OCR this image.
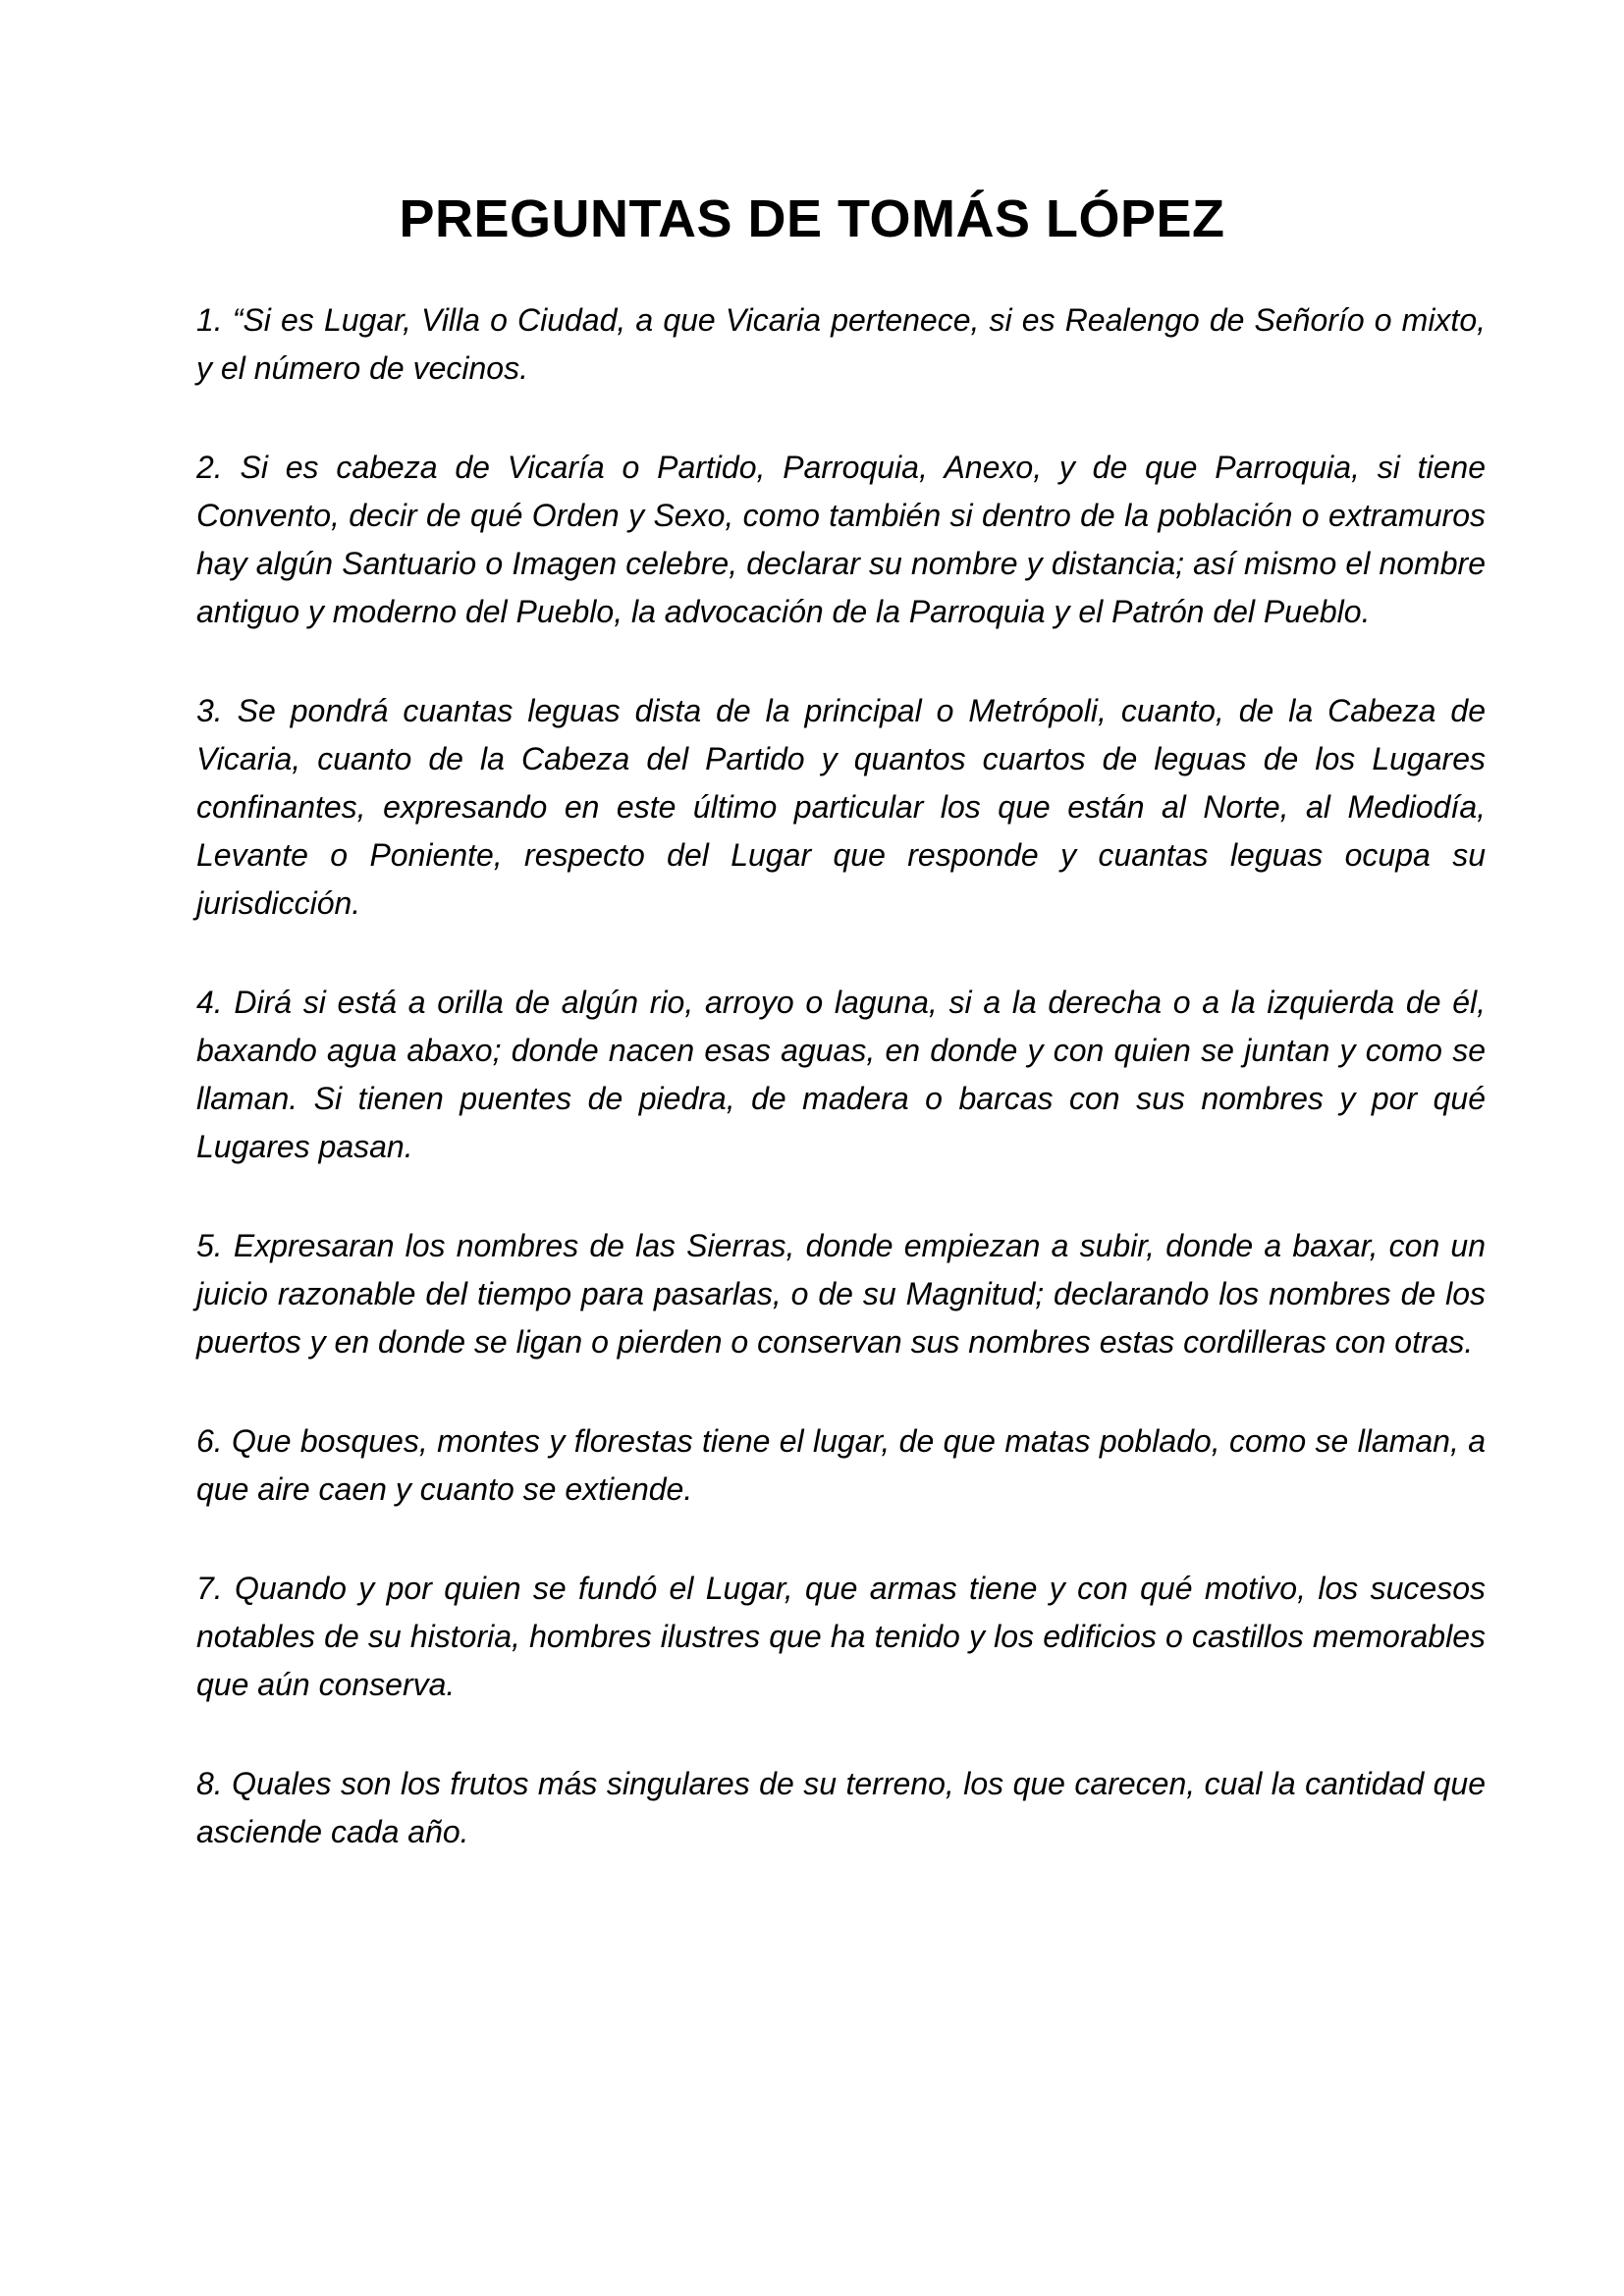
PREGUNTAS DE TOMÁS LÓPEZ

1. “Si es Lugar, Villa o Ciudad, a que Vicaria pertenece, si es Realengo de Señorío o mixto, y el número de vecinos.

2. Si es cabeza de Vicaría o Partido, Parroquia, Anexo, y de que Parroquia, si tiene Convento, decir de qué Orden y Sexo, como también si dentro de la población o extramuros hay algún Santuario o Imagen celebre, declarar su nombre y distancia; así mismo el nombre antiguo y moderno del Pueblo, la advocación de la Parroquia y el Patrón del Pueblo.

3. Se pondrá cuantas leguas dista de la principal o Metrópoli, cuanto, de la Cabeza de Vicaria, cuanto de la Cabeza del Partido y quantos cuartos de leguas de los Lugares confinantes, expresando en este último particular los que están al Norte, al Mediodía, Levante o Poniente, respecto del Lugar que responde y cuantas leguas ocupa su jurisdicción.

4. Dirá si está a orilla de algún rio, arroyo o laguna, si a la derecha o a la izquierda de él, baxando agua abaxo; donde nacen esas aguas, en donde y con quien se juntan y como se llaman. Si tienen puentes de piedra, de madera o barcas con sus nombres y por qué Lugares pasan.

5. Expresaran los nombres de las Sierras, donde empiezan a subir, donde a baxar, con un juicio razonable del tiempo para pasarlas, o de su Magnitud; declarando los nombres de los puertos y en donde se ligan o pierden o conservan sus nombres estas cordilleras con otras.

6. Que bosques, montes y florestas tiene el lugar, de que matas poblado, como se llaman, a que aire caen y cuanto se extiende.

7. Quando y por quien se fundó el Lugar, que armas tiene y con qué motivo, los sucesos notables de su historia, hombres ilustres que ha tenido y los edificios o castillos memorables que aún conserva.

8. Quales son los frutos más singulares de su terreno, los que carecen, cual la cantidad que asciende cada año.
